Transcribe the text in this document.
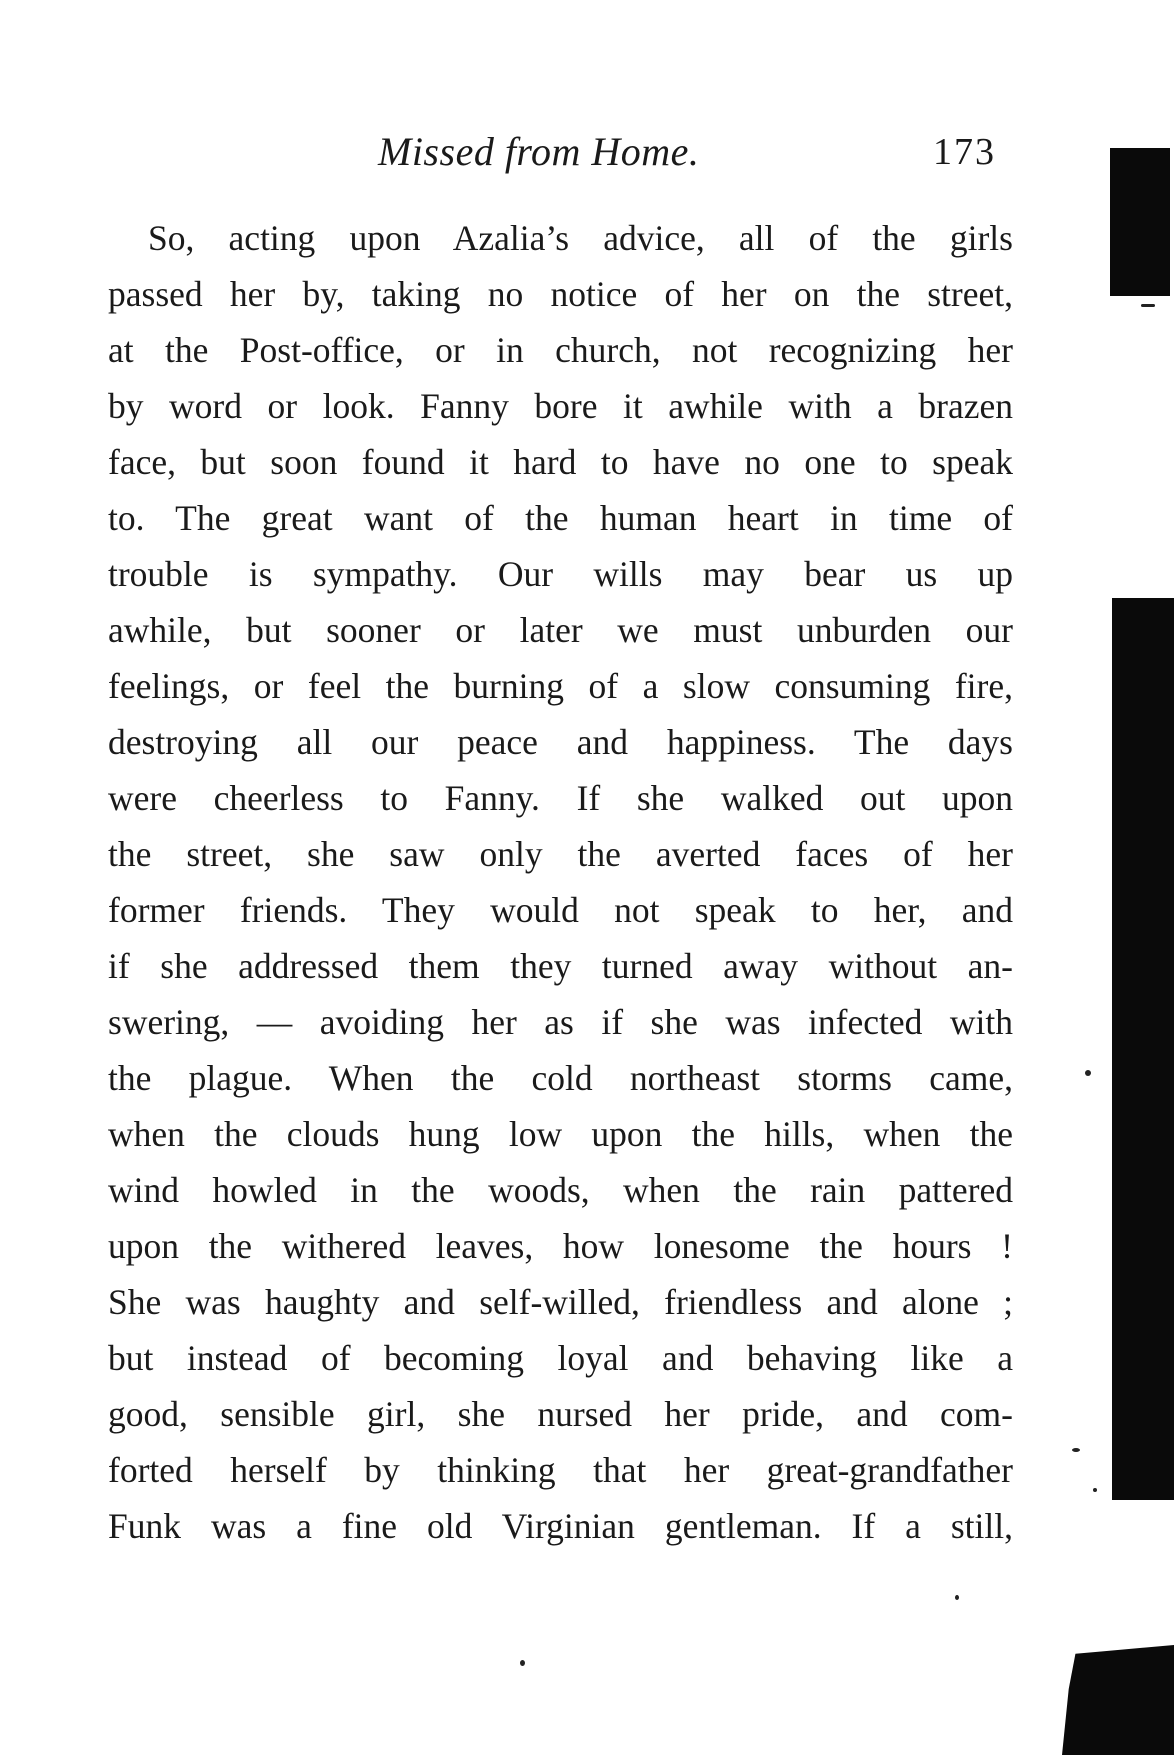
Missed from Home.	173
So, acting upon Azalia’s advice, all of the girls
passed her by, taking no notice of her on the street,
at the Post-office, or in church, not recognizing her
by word or look. Fanny bore it awhile with a brazen
face, but soon found it hard to have no one to speak
to. The great want of the human heart in time of
trouble is sympathy. Our wills may bear us up
awhile, but sooner or later we must unburden our
feelings, or feel the burning of a slow consuming fire,
destroying all our peace and happiness. The days
were cheerless to Fanny. If she walked out upon
the street, she saw only the averted faces of her
former friends. They would not speak to her, and
if she addressed them they turned away without an-
swering, — avoiding her as if she was infected with
the plague. When the cold northeast storms came,
when the clouds hung low upon the hills, when the
wind howled in the woods, when the rain pattered
upon the withered leaves, how lonesome the hours !
She was haughty and self-willed, friendless and alone ;
but instead of becoming loyal and behaving like a
good, sensible girl, she nursed her pride, and com-
forted herself by thinking that her great-grandfather
Funk was a fine old Virginian gentleman. If a still,
